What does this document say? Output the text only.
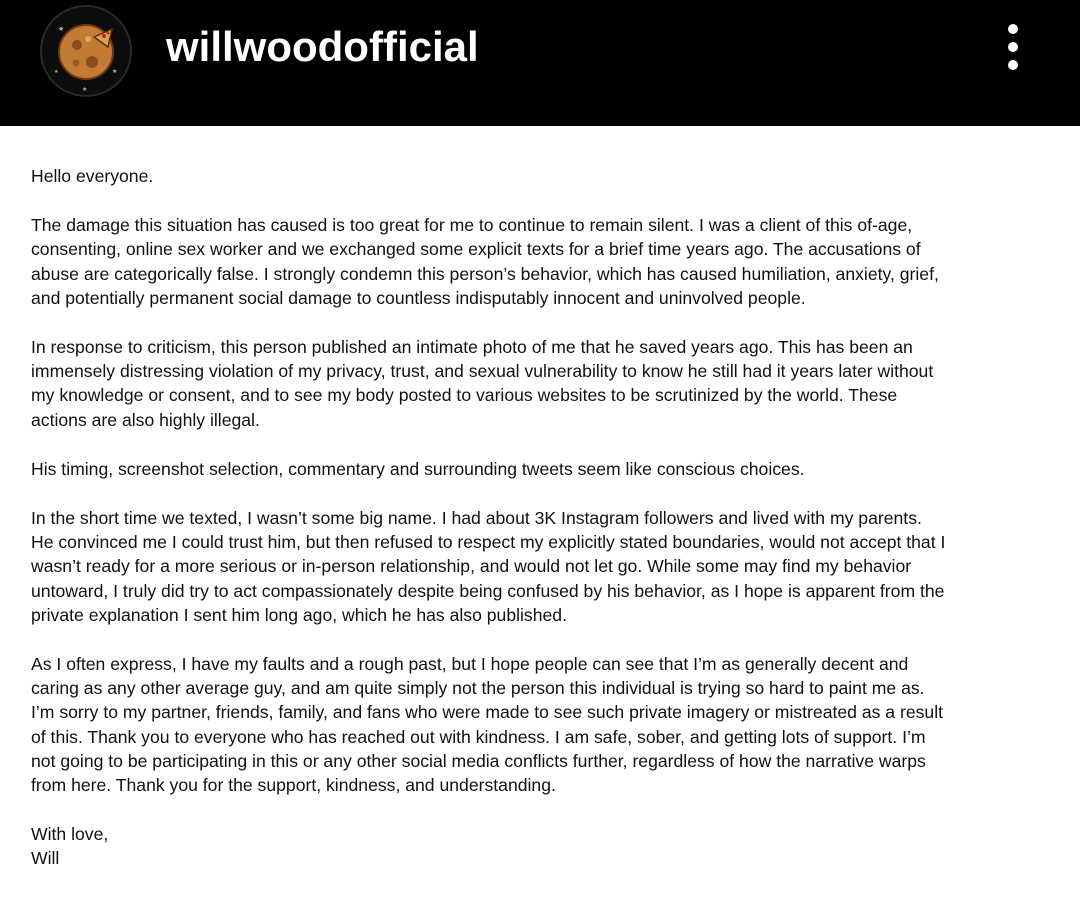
★
★
★
★
willwoodofficial

Hello everyone.

The damage this situation has caused is too great for me to continue to remain silent. I was a client of this of-age,
consenting, online sex worker and we exchanged some explicit texts for a brief time years ago. The accusations of
abuse are categorically false. I strongly condemn this person’s behavior, which has caused humiliation, anxiety, grief,
and potentially permanent social damage to countless indisputably innocent and uninvolved people.

In response to criticism, this person published an intimate photo of me that he saved years ago. This has been an
immensely distressing violation of my privacy, trust, and sexual vulnerability to know he still had it years later without
my knowledge or consent, and to see my body posted to various websites to be scrutinized by the world. These
actions are also highly illegal.

His timing, screenshot selection, commentary and surrounding tweets seem like conscious choices.

In the short time we texted, I wasn’t some big name. I had about 3K Instagram followers and lived with my parents.
He convinced me I could trust him, but then refused to respect my explicitly stated boundaries, would not accept that I
wasn’t ready for a more serious or in-person relationship, and would not let go. While some may find my behavior
untoward, I truly did try to act compassionately despite being confused by his behavior, as I hope is apparent from the
private explanation I sent him long ago, which he has also published.

As I often express, I have my faults and a rough past, but I hope people can see that I’m as generally decent and
caring as any other average guy, and am quite simply not the person this individual is trying so hard to paint me as.
I’m sorry to my partner, friends, family, and fans who were made to see such private imagery or mistreated as a result
of this. Thank you to everyone who has reached out with kindness. I am safe, sober, and getting lots of support. I’m
not going to be participating in this or any other social media conflicts further, regardless of how the narrative warps
from here. Thank you for the support, kindness, and understanding.

With love,
Will
